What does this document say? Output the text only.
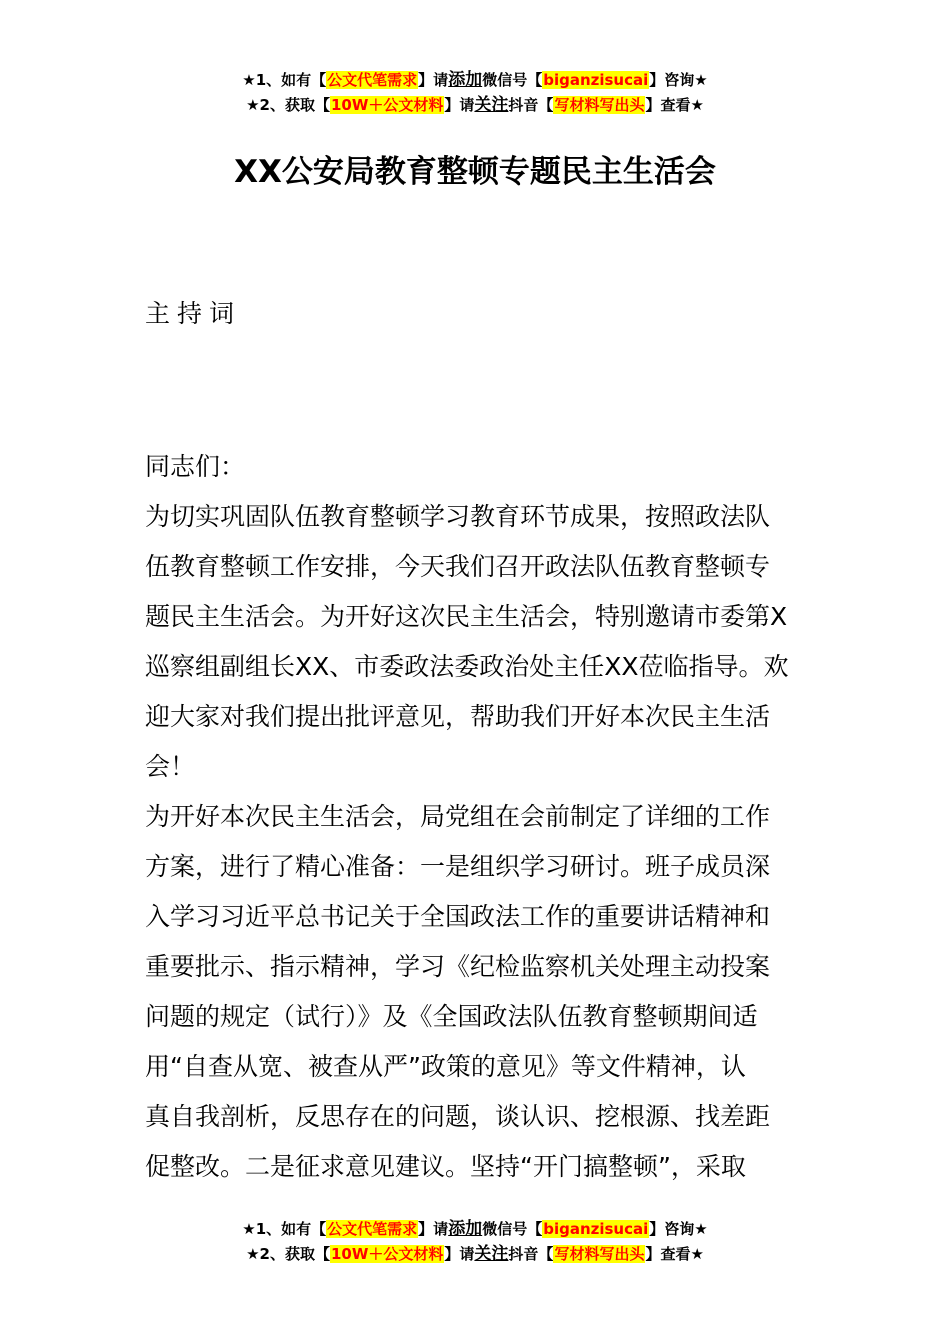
★1、如有【公文代笔需求】请添加微信号【biganzisucai】咨询★
★2、获取【10W＋公文材料】请关注抖音【写材料写出头】查看★
XX公安局教育整顿专题民主生活会
主持词
同志们：
为切实巩固队伍教育整顿学习教育环节成果，按照政法队
伍教育整顿工作安排，今天我们召开政法队伍教育整顿专
题民主生活会。为开好这次民主生活会，特别邀请市委第X
巡察组副组长XX、市委政法委政治处主任XX莅临指导。欢
迎大家对我们提出批评意见，帮助我们开好本次民主生活
会！
为开好本次民主生活会，局党组在会前制定了详细的工作
方案，进行了精心准备：一是组织学习研讨。班子成员深
入学习习近平总书记关于全国政法工作的重要讲话精神和
重要批示、指示精神，学习《纪检监察机关处理主动投案
问题的规定（试行）》及《全国政法队伍教育整顿期间适
用“自查从宽、被查从严”政策的意见》等文件精神，认
真自我剖析，反思存在的问题，谈认识、挖根源、找差距
促整改。二是征求意见建议。坚持“开门搞整顿”，采取
★1、如有【公文代笔需求】请添加微信号【biganzisucai】咨询★
★2、获取【10W＋公文材料】请关注抖音【写材料写出头】查看★
